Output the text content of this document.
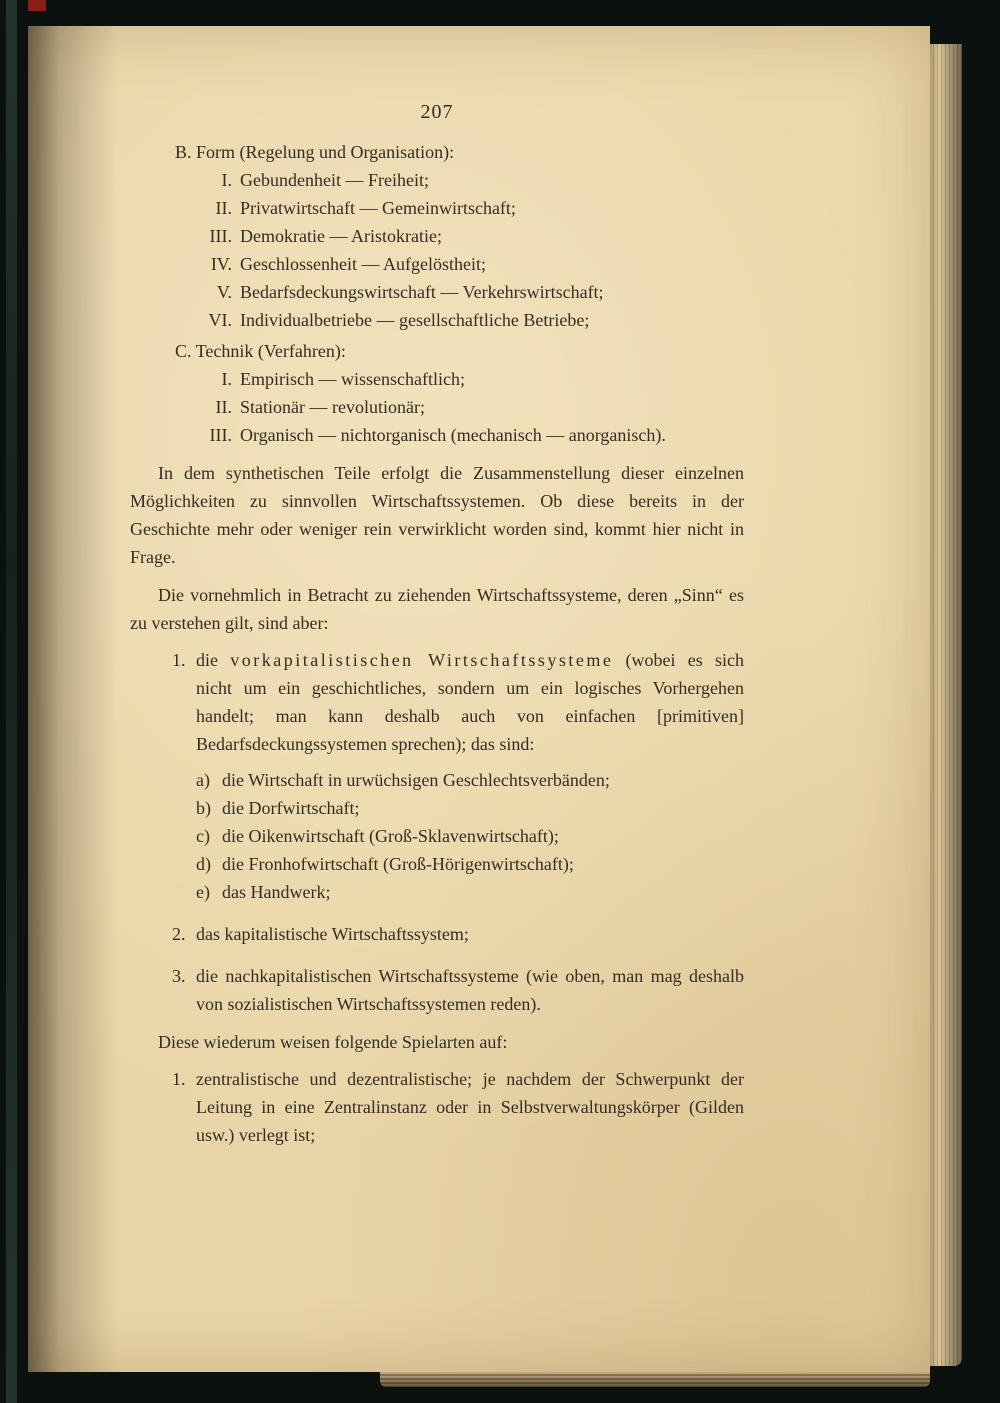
207
B. Form (Regelung und Organisation):
I. Gebundenheit — Freiheit;
II. Privatwirtschaft — Gemeinwirtschaft;
III. Demokratie — Aristokratie;
IV. Geschlossenheit — Aufgelöstheit;
V. Bedarfsdeckungswirtschaft — Verkehrswirtschaft;
VI. Individualbetriebe — gesellschaftliche Betriebe;
C. Technik (Verfahren):
I. Empirisch — wissenschaftlich;
II. Stationär — revolutionär;
III. Organisch — nichtorganisch (mechanisch — anorganisch).

In dem synthetischen Teile erfolgt die Zusammenstellung dieser einzelnen Möglichkeiten zu sinnvollen Wirtschaftssystemen. Ob diese bereits in der Geschichte mehr oder weniger rein verwirklicht worden sind, kommt hier nicht in Frage.

Die vornehmlich in Betracht zu ziehenden Wirtschaftssysteme, deren „Sinn“ es zu verstehen gilt, sind aber:

1. die vorkapitalistischen Wirtschaftssysteme (wobei es sich nicht um ein geschichtliches, sondern um ein logisches Vorhergehen handelt; man kann deshalb auch von einfachen [primitiven] Bedarfsdeckungssystemen sprechen); das sind:
a) die Wirtschaft in urwüchsigen Geschlechtsverbänden;
b) die Dorfwirtschaft;
c) die Oikenwirtschaft (Groß-Sklavenwirtschaft);
d) die Fronhofwirtschaft (Groß-Hörigenwirtschaft);
e) das Handwerk;
2. das kapitalistische Wirtschaftssystem;
3. die nachkapitalistischen Wirtschaftssysteme (wie oben, man mag deshalb von sozialistischen Wirtschaftssystemen reden).

Diese wiederum weisen folgende Spielarten auf:

1. zentralistische und dezentralistische; je nachdem der Schwerpunkt der Leitung in eine Zentralinstanz oder in Selbstverwaltungskörper (Gilden usw.) verlegt ist;
